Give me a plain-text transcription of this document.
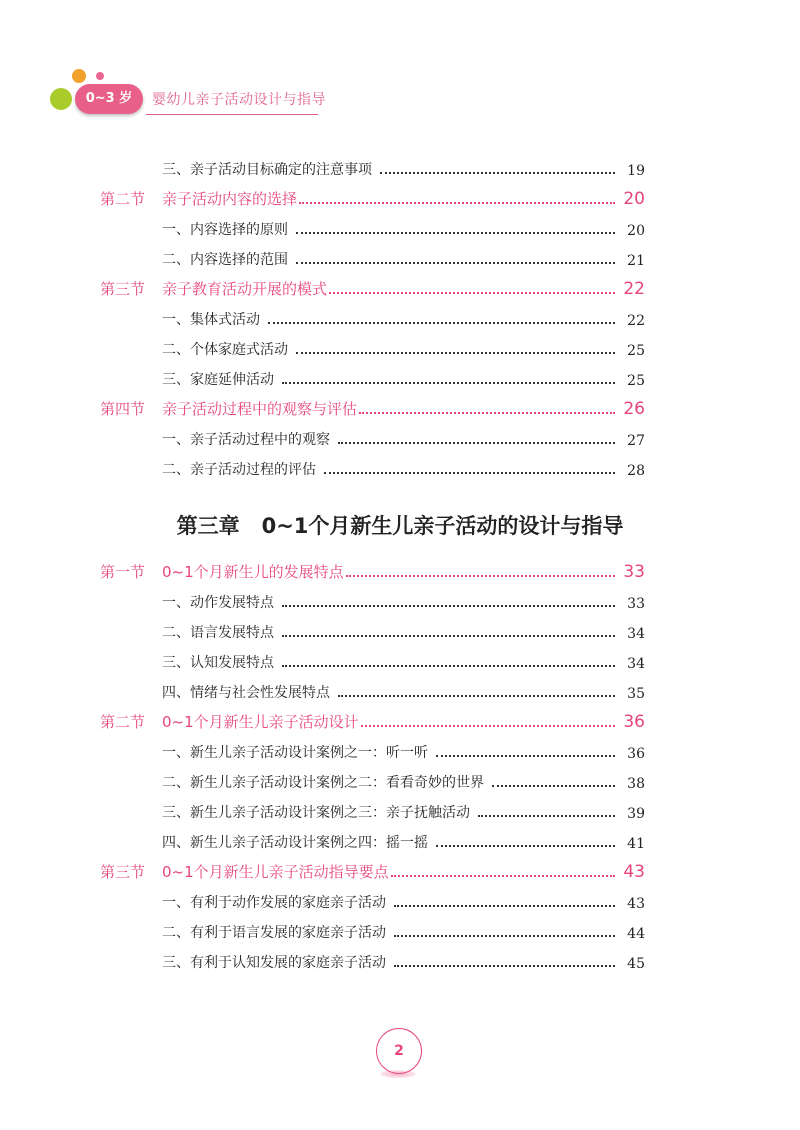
0~3 岁	婴幼儿亲子活动设计与指导
三、亲子活动目标确定的注意事项	19
第二节 亲子活动内容的选择	20
一、内容选择的原则	20
二、内容选择的范围	21
第三节 亲子教育活动开展的模式	22
一、集体式活动	22
二、个体家庭式活动	25
三、家庭延伸活动	25
第四节 亲子活动过程中的观察与评估	26
一、亲子活动过程中的观察	27
二、亲子活动过程的评估	28
第三章 0~1个月新生儿亲子活动的设计与指导
第一节 0~1个月新生儿的发展特点	33
一、动作发展特点	33
二、语言发展特点	34
三、认知发展特点	34
四、情绪与社会性发展特点	35
第二节 0~1个月新生儿亲子活动设计	36
一、新生儿亲子活动设计案例之一：听一听	36
二、新生儿亲子活动设计案例之二：看看奇妙的世界	38
三、新生儿亲子活动设计案例之三：亲子抚触活动	39
四、新生儿亲子活动设计案例之四：摇一摇	41
第三节 0~1个月新生儿亲子活动指导要点	43
一、有利于动作发展的家庭亲子活动	43
二、有利于语言发展的家庭亲子活动	44
三、有利于认知发展的家庭亲子活动	45
2
